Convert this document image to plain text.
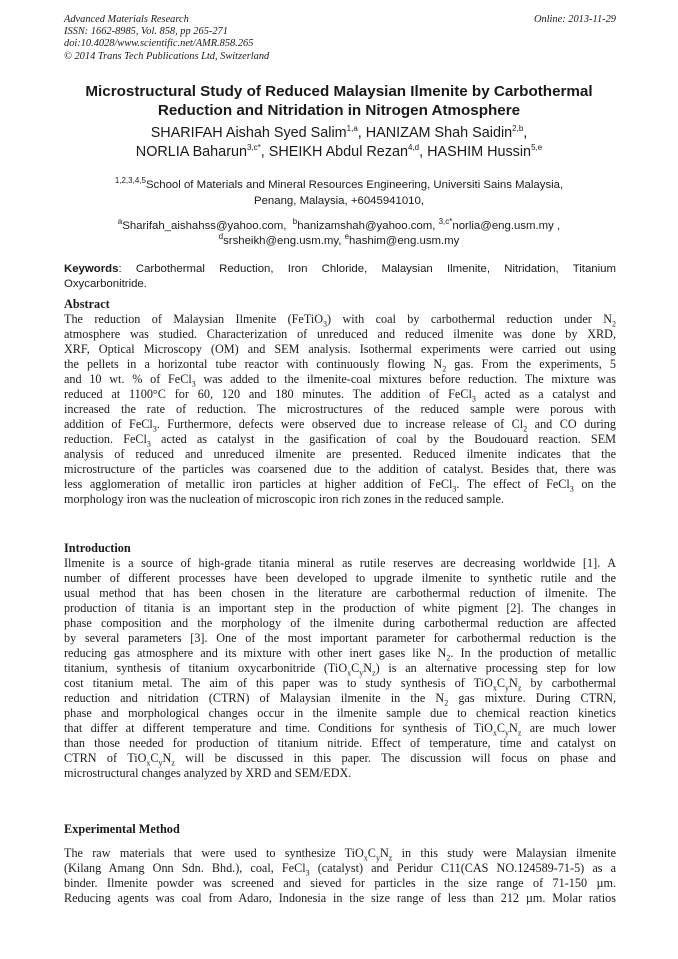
Advanced Materials Research
ISSN: 1662-8985, Vol. 858, pp 265-271
doi:10.4028/www.scientific.net/AMR.858.265
© 2014 Trans Tech Publications Ltd, Switzerland
Online: 2013-11-29
Microstructural Study of Reduced Malaysian Ilmenite by Carbothermal
Reduction and Nitridation in Nitrogen Atmosphere
SHARIFAH Aishah Syed Salim$^{1,a}$, HANIZAM Shah Saidin$^{2,b}$,
NORLIA Baharun$^{3,c*}$, SHEIKH Abdul Rezan$^{4,d}$, HASHIM Hussin$^{5,e}$
$^{1,2,3,4,5}$School of Materials and Mineral Resources Engineering, Universiti Sains Malaysia,
Penang, Malaysia, +6045941010,
$^a$Sharifah_aishahss@yahoo.com, $^b$hanizamshah@yahoo.com, $^{3,c*}$norlia@eng.usm.my ,
$^d$srsheikh@eng.usm.my, $^e$hashim@eng.usm.my
Keywords: Carbothermal Reduction, Iron Chloride, Malaysian Ilmenite, Nitridation, Titanium
Oxycarbonitride.
Abstract
The reduction of Malaysian Ilmenite (FeTiO$_3$) with coal by carbothermal reduction under $N_2$
atmosphere was studied. Characterization of unreduced and reduced ilmenite was done by XRD,
XRF, Optical Microscopy (OM) and SEM analysis. Isothermal experiments were carried out using
the pellets in a horizontal tube reactor with continuously flowing $N_2$ gas. From the experiments, 5
and 10 wt. % of FeCl$_3$ was added to the ilmenite-coal mixtures before reduction. The mixture was
reduced at 1100°C for 60, 120 and 180 minutes. The addition of FeCl$_3$ acted as a catalyst and
increased the rate of reduction. The microstructures of the reduced sample were porous with
addition of FeCl$_3$. Furthermore, defects were observed due to increase release of $Cl_2$ and CO during
reduction. FeCl$_3$ acted as catalyst in the gasification of coal by the Boudouard reaction. SEM
analysis of reduced and unreduced ilmenite are presented. Reduced ilmenite indicates that the
microstructure of the particles was coarsened due to the addition of catalyst. Besides that, there was
less agglomeration of metallic iron particles at higher addition of FeCl$_3$. The effect of FeCl$_3$ on the
morphology iron was the nucleation of microscopic iron rich zones in the reduced sample.
Introduction
Ilmenite is a source of high-grade titania mineral as rutile reserves are decreasing worldwide [1]. A
number of different processes have been developed to upgrade ilmenite to synthetic rutile and the
usual method that has been chosen in the literature are carbothermal reduction of ilmenite. The
production of titania is an important step in the production of white pigment [2]. The changes in
phase composition and the morphology of the ilmenite during carbothermal reduction are affected
by several parameters [3]. One of the most important parameter for carbothermal reduction is the
reducing gas atmosphere and its mixture with other inert gases like $N_2$. In the production of metallic
titanium, synthesis of titanium oxycarbonitride $(TiO_xC_yN_z)$ is an alternative processing step for low
cost titanium metal. The aim of this paper was to study synthesis of $TiO_xC_yN_z$ by carbothermal
reduction and nitridation (CTRN) of Malaysian ilmenite in the $N_2$ gas mixture. During CTRN,
phase and morphological changes occur in the ilmenite sample due to chemical reaction kinetics
that differ at different temperature and time. Conditions for synthesis of $TiO_xC_yN_z$ are much lower
than those needed for production of titanium nitride. Effect of temperature, time and catalyst on
CTRN of $TiO_xC_yN_z$ will be discussed in this paper. The discussion will focus on phase and
microstructural changes analyzed by XRD and SEM/EDX.
Experimental Method
The raw materials that were used to synthesize $TiO_xC_yN_z$ in this study were Malaysian ilmenite
(Kilang Amang Onn Sdn. Bhd.), coal, FeCl$_3$ (catalyst) and Peridur C11(CAS NO.124589-71-5) as a
binder. Ilmenite powder was screened and sieved for particles in the size range of 71-150 µm.
Reducing agents was coal from Adaro, Indonesia in the size range of less than 212 µm. Molar ratios
